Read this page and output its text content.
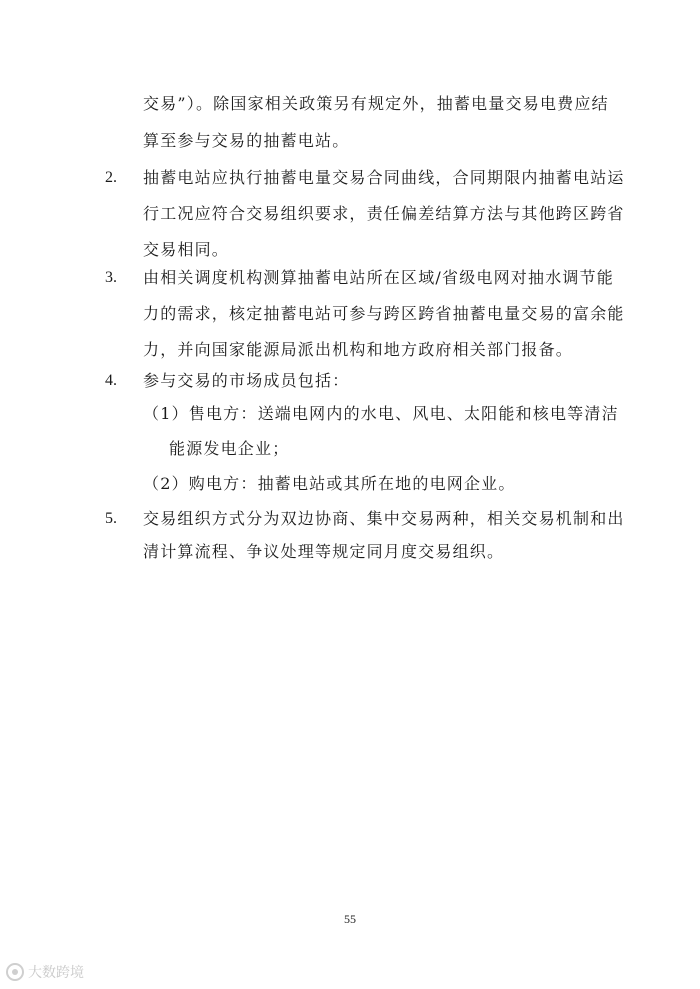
交易”）。除国家相关政策另有规定外，抽蓄电量交易电费应结
算至参与交易的抽蓄电站。
2. 抽蓄电站应执行抽蓄电量交易合同曲线，合同期限内抽蓄电站运
行工况应符合交易组织要求，责任偏差结算方法与其他跨区跨省
交易相同。
3. 由相关调度机构测算抽蓄电站所在区域/省级电网对抽水调节能
力的需求，核定抽蓄电站可参与跨区跨省抽蓄电量交易的富余能
力，并向国家能源局派出机构和地方政府相关部门报备。
4. 参与交易的市场成员包括：
（1）售电方：送端电网内的水电、风电、太阳能和核电等清洁
能源发电企业；
（2）购电方：抽蓄电站或其所在地的电网企业。
5. 交易组织方式分为双边协商、集中交易两种，相关交易机制和出
清计算流程、争议处理等规定同月度交易组织。
55
大数跨境
